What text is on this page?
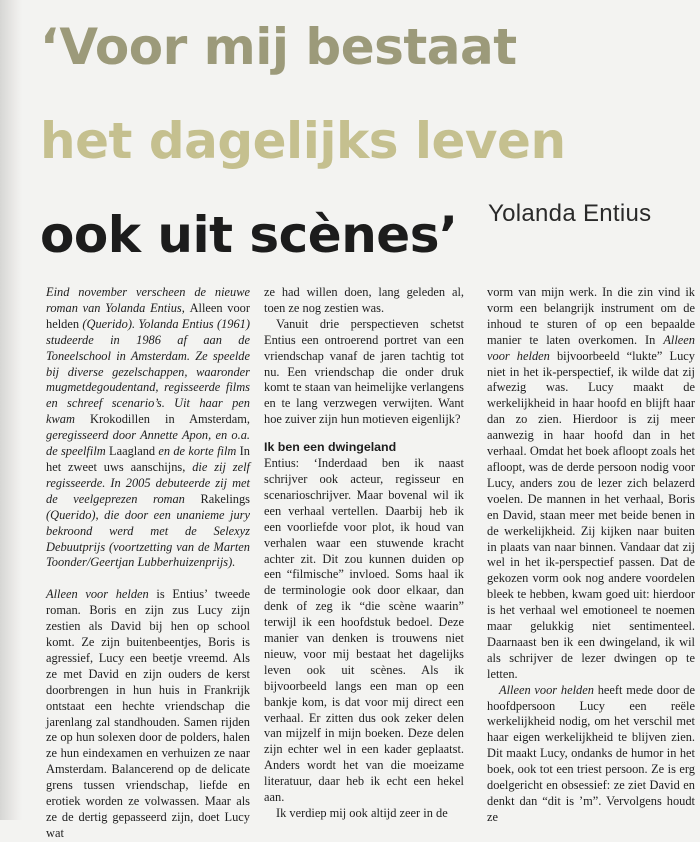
‘Voor mij bestaat
het dagelijks leven
ook uit scènes’	Yolanda Entius

Eind november verscheen de nieuwe roman van Yolanda Entius, Alleen voor helden (Querido). Yolanda Entius (1961) studeerde in 1986 af aan de Toneelschool in Amsterdam. Ze speelde bij diverse gezelschappen, waaronder mugmetdegoudentand, regisseerde films en schreef scenario’s. Uit haar pen kwam Krokodillen in Amsterdam, geregisseerd door Annette Apon, en o.a. de speelfilm Laagland en de korte film In het zweet uws aanschijns, die zij zelf regisseerde. In 2005 debuteerde zij met de veelgeprezen roman Rakelings (Querido), die door een unanieme jury bekroond werd met de Selexyz Debuutprijs (voortzetting van de Marten Toonder/Geertjan Lubberhuizenprijs).

Alleen voor helden is Entius’ tweede roman. Boris en zijn zus Lucy zijn zestien als David bij hen op school komt. Ze zijn buitenbeentjes, Boris is agressief, Lucy een beetje vreemd. Als ze met David en zijn ouders de kerst doorbrengen in hun huis in Frankrijk ontstaat een hechte vriendschap die jarenlang zal standhouden. Samen rijden ze op hun solexen door de polders, halen ze hun eindexamen en verhuizen ze naar Amsterdam. Balancerend op de delicate grens tussen vriendschap, liefde en erotiek worden ze volwassen. Maar als ze de dertig gepasseerd zijn, doet Lucy wat

ze had willen doen, lang geleden al, toen ze nog zestien was.

Vanuit drie perspectieven schetst Entius een ontroerend portret van een vriendschap vanaf de jaren tachtig tot nu. Een vriendschap die onder druk komt te staan van heimelijke verlangens en te lang verzwegen verwijten. Want hoe zuiver zijn hun motieven eigenlijk?

Ik ben een dwingeland

Entius: ‘Inderdaad ben ik naast schrijver ook acteur, regisseur en scenarioschrijver. Maar bovenal wil ik een verhaal vertellen. Daarbij heb ik een voorliefde voor plot, ik houd van verhalen waar een stuwende kracht achter zit. Dit zou kunnen duiden op een “filmische” invloed. Soms haal ik de terminologie ook door elkaar, dan denk of zeg ik “die scène waarin” terwijl ik een hoofdstuk bedoel. Deze manier van denken is trouwens niet nieuw, voor mij bestaat het dagelijks leven ook uit scènes. Als ik bijvoorbeeld langs een man op een bankje kom, is dat voor mij direct een verhaal. Er zitten dus ook zeker delen van mijzelf in mijn boeken. Deze delen zijn echter wel in een kader geplaatst. Anders wordt het van die moeizame literatuur, daar heb ik echt een hekel aan.

Ik verdiep mij ook altijd zeer in de

vorm van mijn werk. In die zin vind ik vorm een belangrijk instrument om de inhoud te sturen of op een bepaalde manier te laten overkomen. In Alleen voor helden bijvoorbeeld “lukte” Lucy niet in het ik-perspectief, ik wilde dat zij afwezig was. Lucy maakt de werkelijkheid in haar hoofd en blijft haar dan zo zien. Hierdoor is zij meer aanwezig in haar hoofd dan in het verhaal. Omdat het boek afloopt zoals het afloopt, was de derde persoon nodig voor Lucy, anders zou de lezer zich belazerd voelen. De mannen in het verhaal, Boris en David, staan meer met beide benen in de werkelijkheid. Zij kijken naar buiten in plaats van naar binnen. Vandaar dat zij wel in het ik-perspectief passen. Dat de gekozen vorm ook nog andere voordelen bleek te hebben, kwam goed uit: hierdoor is het verhaal wel emotioneel te noemen maar gelukkig niet sentimenteel. Daarnaast ben ik een dwingeland, ik wil als schrijver de lezer dwingen op te letten.

Alleen voor helden heeft mede door de hoofdpersoon Lucy een reële werkelijkheid nodig, om het verschil met haar eigen werkelijkheid te blijven zien. Dit maakt Lucy, ondanks de humor in het boek, ook tot een triest persoon. Ze is erg doelgericht en obsessief: ze ziet David en denkt dan “dit is ’m”. Vervolgens houdt ze
